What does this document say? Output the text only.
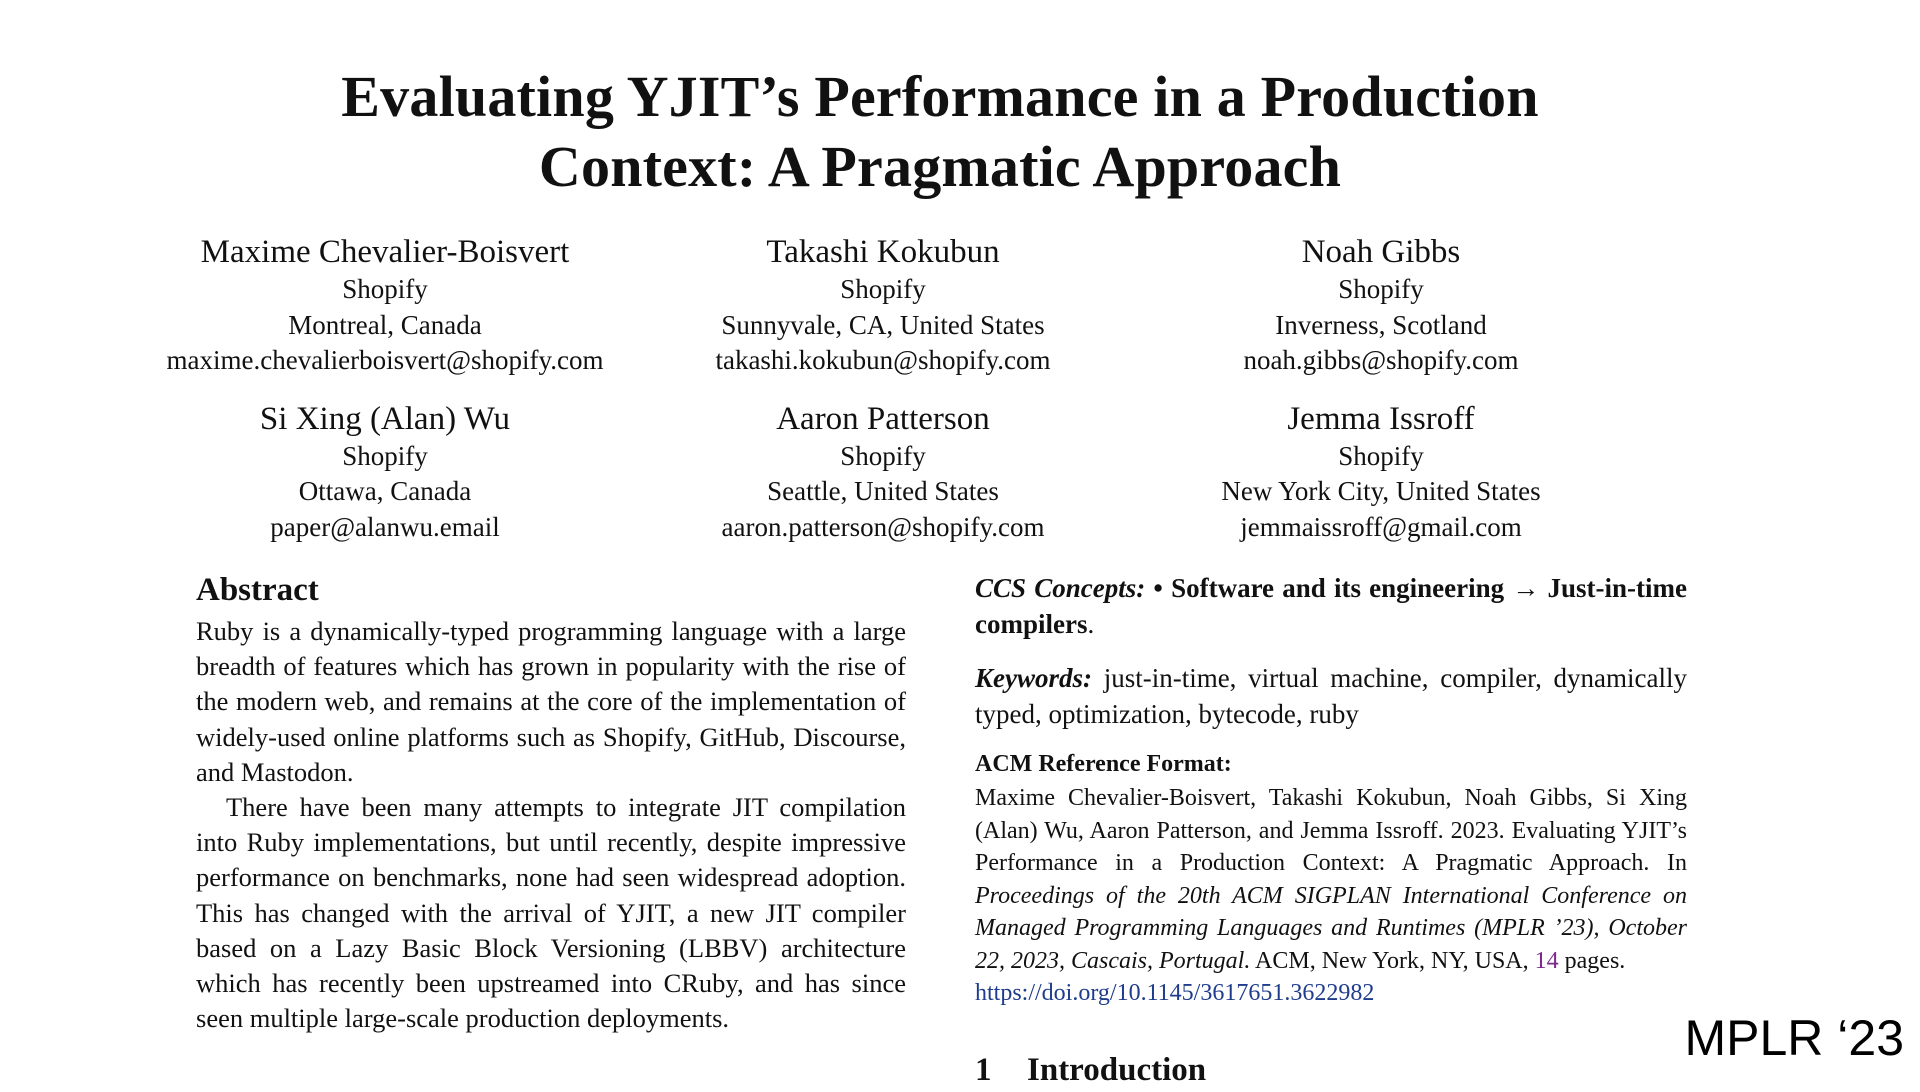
Evaluating YJIT’s Performance in a Production
Context: A Pragmatic Approach
Maxime Chevalier-Boisvert
Shopify
Montreal, Canada
maxime.chevalierboisvert@shopify.com
Takashi Kokubun
Shopify
Sunnyvale, CA, United States
takashi.kokubun@shopify.com
Noah Gibbs
Shopify
Inverness, Scotland
noah.gibbs@shopify.com
Si Xing (Alan) Wu
Shopify
Ottawa, Canada
paper@alanwu.email
Aaron Patterson
Shopify
Seattle, United States
aaron.patterson@shopify.com
Jemma Issroff
Shopify
New York City, United States
jemmaissroff@gmail.com
Abstract

Ruby is a dynamically-typed programming language with a large breadth of features which has grown in popularity with the rise of the modern web, and remains at the core of the implementation of widely-used online platforms such as Shopify, GitHub, Discourse, and Mastodon.

There have been many attempts to integrate JIT compilation into Ruby implementations, but until recently, despite impressive performance on benchmarks, none had seen widespread adoption. This has changed with the arrival of YJIT, a new JIT compiler based on a Lazy Basic Block Versioning (LBBV) architecture which has recently been upstreamed into CRuby, and has since seen multiple large-scale production deployments.

CCS Concepts: • Software and its engineering → Just-in-time compilers.

Keywords: just-in-time, virtual machine, compiler, dynamically typed, optimization, bytecode, ruby

ACM Reference Format:

Maxime Chevalier-Boisvert, Takashi Kokubun, Noah Gibbs, Si Xing (Alan) Wu, Aaron Patterson, and Jemma Issroff. 2023. Evaluating YJIT’s Performance in a Production Context: A Pragmatic Approach. In Proceedings of the 20th ACM SIGPLAN International Conference on Managed Programming Languages and Runtimes (MPLR ’23), October 22, 2023, Cascais, Portugal. ACM, New York, NY, USA, 14 pages.
https://doi.org/10.1145/3617651.3622982

1 Introduction
MPLR ‘23
